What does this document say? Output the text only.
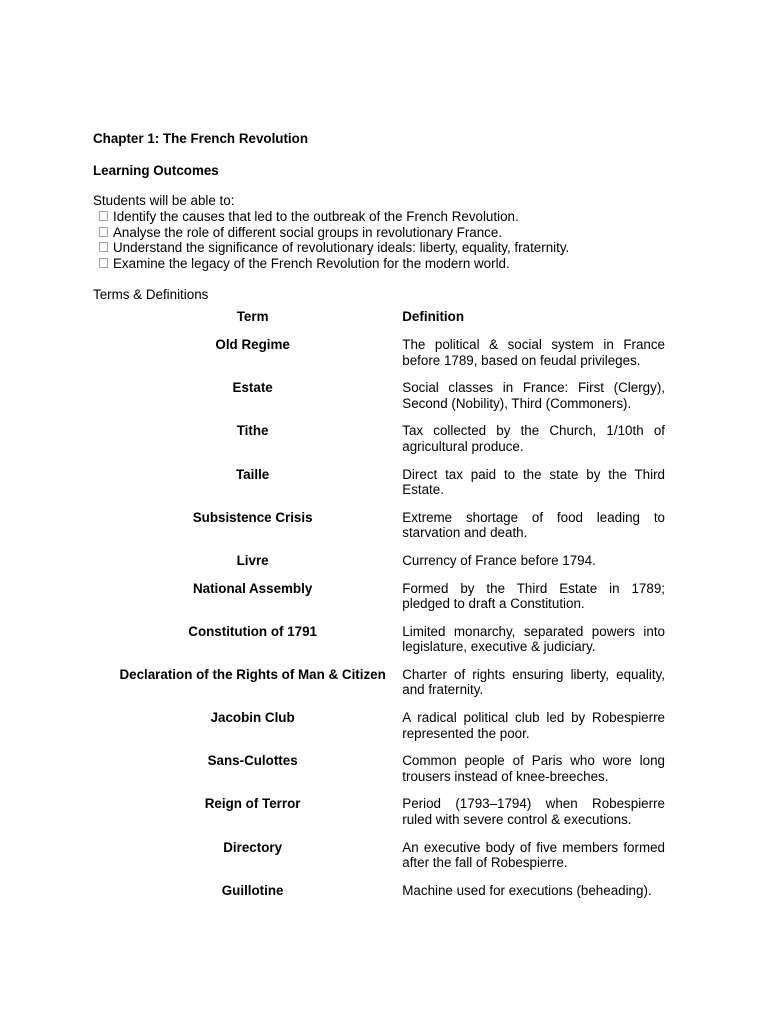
Chapter 1: The French Revolution
Learning Outcomes
Students will be able to:
Identify the causes that led to the outbreak of the French Revolution.
Analyse the role of different social groups in revolutionary France.
Understand the significance of revolutionary ideals: liberty, equality, fraternity.
Examine the legacy of the French Revolution for the modern world.
Terms & Definitions
Term	Definition
Old Regime	The political & social system in France before 1789, based on feudal privileges.
Estate	Social classes in France: First (Clergy), Second (Nobility), Third (Commoners).
Tithe	Tax collected by the Church, 1/10th of agricultural produce.
Taille	Direct tax paid to the state by the Third Estate.
Subsistence Crisis	Extreme shortage of food leading to starvation and death.
Livre	Currency of France before 1794.
National Assembly	Formed by the Third Estate in 1789; pledged to draft a Constitution.
Constitution of 1791	Limited monarchy, separated powers into legislature, executive & judiciary.
Declaration of the Rights of Man & Citizen	Charter of rights ensuring liberty, equality, and fraternity.
Jacobin Club	A radical political club led by Robespierre represented the poor.
Sans-Culottes	Common people of Paris who wore long trousers instead of knee-breeches.
Reign of Terror	Period (1793–1794) when Robespierre ruled with severe control & executions.
Directory	An executive body of five members formed after the fall of Robespierre.
Guillotine	Machine used for executions (beheading).
